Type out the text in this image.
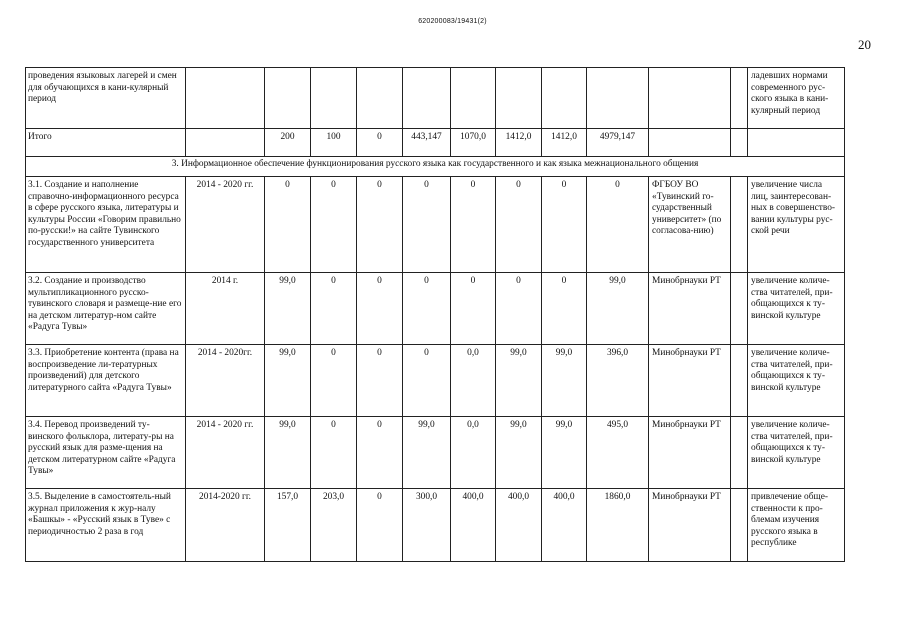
620200083/19431(2)
20
проведения языковых лагерей и смен для обучающихся в кани-кулярный период												ладевших нормами современного рус-ского языка в кани-кулярный период
Итого		200	100	0	443,147	1070,0	1412,0	1412,0	4979,147			
3. Информационное обеспечение функционирования русского языка как государственного и как языка межнационального общения												
3.1. Создание и наполнение справочно-информационного ресурса в сфере русского языка, литературы и культуры России «Говорим правильно по-русски!» на сайте Тувинского государственного университета	2014 - 2020 гг.	0	0	0	0	0	0	0	0	ФГБОУ ВО «Тувинский го-сударственный университет» (по согласова-нию)		увеличение числа лиц, заинтересован-ных в совершенство-вании культуры рус-ской речи
3.2. Создание и производство мультипликационного русско-тувинского словаря и размеще-ние его на детском литератур-ном сайте «Радуга Тувы»	2014 г.	99,0	0	0	0	0	0	0	99,0	Минобрнауки РТ		увеличение количе-ства читателей, при-общающихся к ту-винской культуре
3.3. Приобретение контента (права на воспроизведение ли-тературных произведений) для детского литературного сайта «Радуга Тувы»	2014 - 2020гг.	99,0	0	0	0	0,0	99,0	99,0	396,0	Минобрнауки РТ		увеличение количе-ства читателей, при-общающихся к ту-винской культуре
3.4. Перевод произведений ту-винского фольклора, литерату-ры на русский язык для разме-щения на детском литературном сайте «Радуга Тувы»	2014 - 2020 гг.	99,0	0	0	99,0	0,0	99,0	99,0	495,0	Минобрнауки РТ		увеличение количе-ства читателей, при-общающихся к ту-винской культуре
3.5. Выделение в самостоятель-ный журнал приложения к жур-налу «Башкы» - «Русский язык в Туве» с периодичностью 2 раза в год	2014-2020 гг.	157,0	203,0	0	300,0	400,0	400,0	400,0	1860,0	Минобрнауки РТ		привлечение обще-ственности к про-блемам изучения русского языка в республике
